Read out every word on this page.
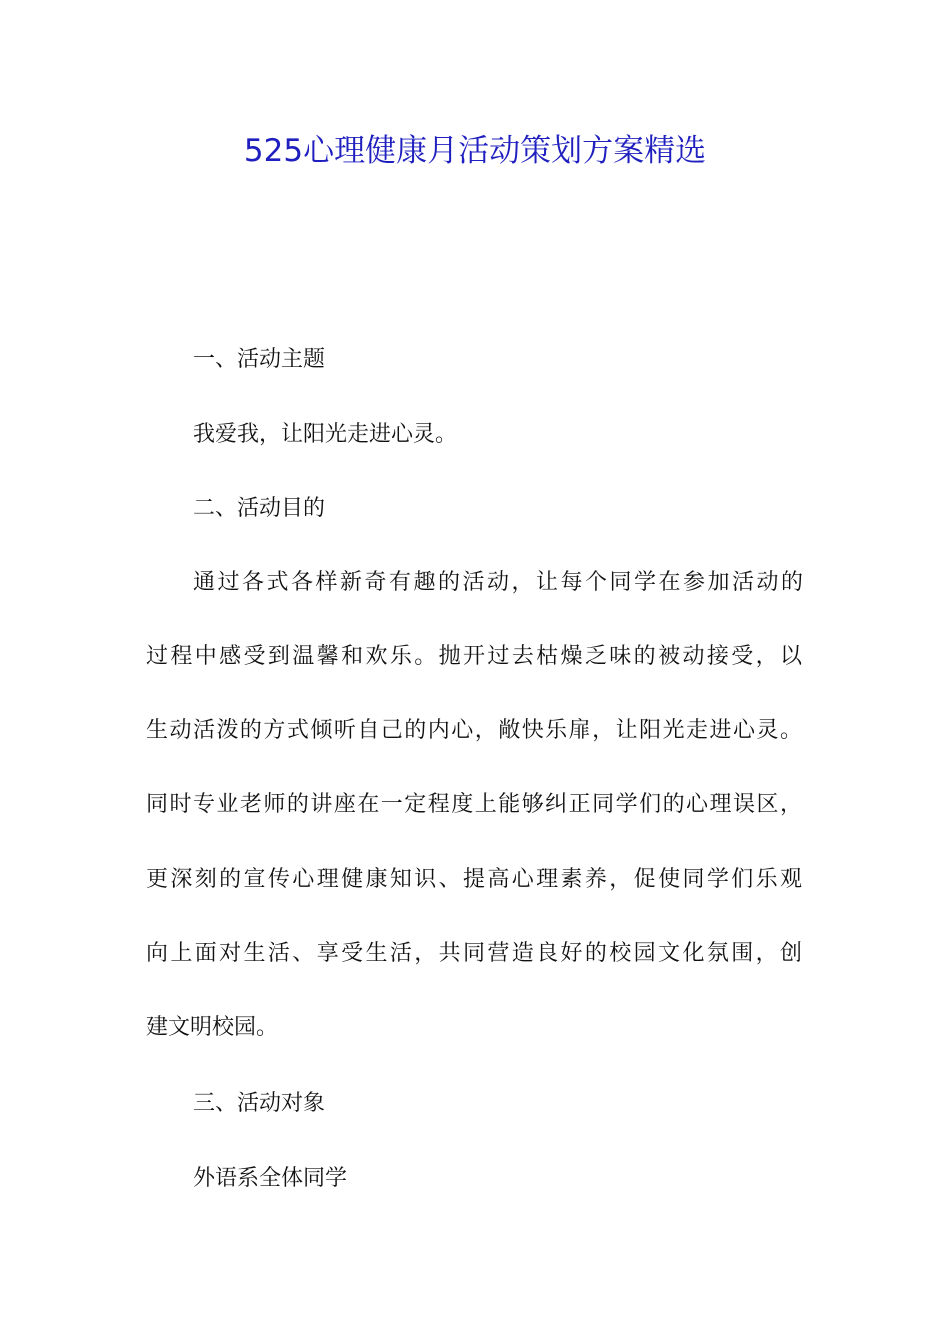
525心理健康月活动策划方案精选

一、活动主题

我爱我，让阳光走进心灵。

二、活动目的

通过各式各样新奇有趣的活动，让每个同学在参加活动的

过程中感受到温馨和欢乐。抛开过去枯燥乏味的被动接受，以

生动活泼的方式倾听自己的内心，敞快乐扉，让阳光走进心灵。

同时专业老师的讲座在一定程度上能够纠正同学们的心理误区，

更深刻的宣传心理健康知识、提高心理素养，促使同学们乐观

向上面对生活、享受生活，共同营造良好的校园文化氛围，创

建文明校园。

三、活动对象

外语系全体同学
